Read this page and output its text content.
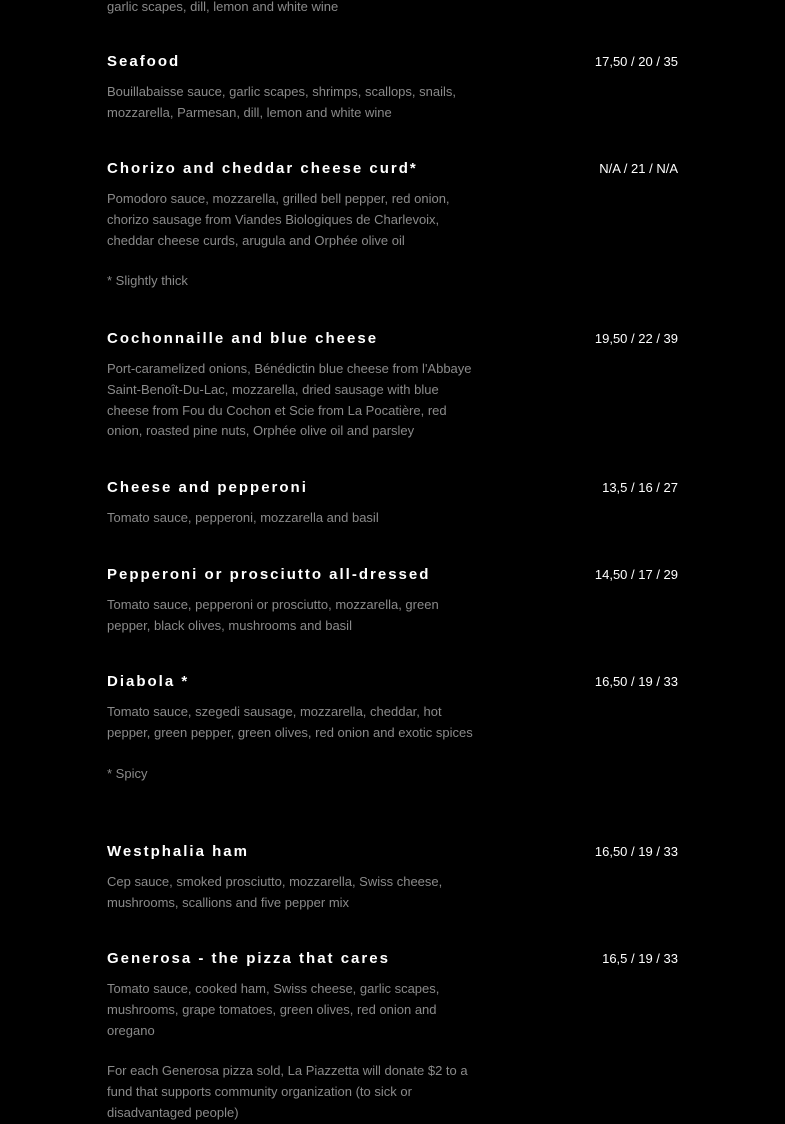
garlic scapes, dill, lemon and white wine
Seafood	17,50 / 20 / 35
Bouillabaisse sauce, garlic scapes, shrimps, scallops, snails, mozzarella, Parmesan, dill, lemon and white wine
Chorizo and cheddar cheese curd*	N/A / 21 / N/A
Pomodoro sauce, mozzarella, grilled bell pepper, red onion, chorizo sausage from Viandes Biologiques de Charlevoix, cheddar cheese curds, arugula and Orphée olive oil
* Slightly thick
Cochonnaille and blue cheese	19,50 / 22 / 39
Port-caramelized onions, Bénédictin blue cheese from l'Abbaye Saint-Benoît-Du-Lac, mozzarella, dried sausage with blue cheese from Fou du Cochon et Scie from La Pocatière, red onion, roasted pine nuts, Orphée olive oil and parsley
Cheese and pepperoni	13,5 / 16 / 27
Tomato sauce, pepperoni, mozzarella and basil
Pepperoni or prosciutto all-dressed	14,50 / 17 / 29
Tomato sauce, pepperoni or prosciutto, mozzarella, green pepper, black olives, mushrooms and basil
Diabola *	16,50 / 19 / 33
Tomato sauce, szegedi sausage, mozzarella, cheddar, hot pepper, green pepper, green olives, red onion and exotic spices
* Spicy
Westphalia ham	16,50 / 19 / 33
Cep sauce, smoked prosciutto, mozzarella, Swiss cheese, mushrooms, scallions and five pepper mix
Generosa - the pizza that cares	16,5 / 19 / 33
Tomato sauce, cooked ham, Swiss cheese, garlic scapes, mushrooms, grape tomatoes, green olives, red onion and oregano
For each Generosa pizza sold, La Piazzetta will donate $2 to a fund that supports community organization (to sick or disadvantaged people)
